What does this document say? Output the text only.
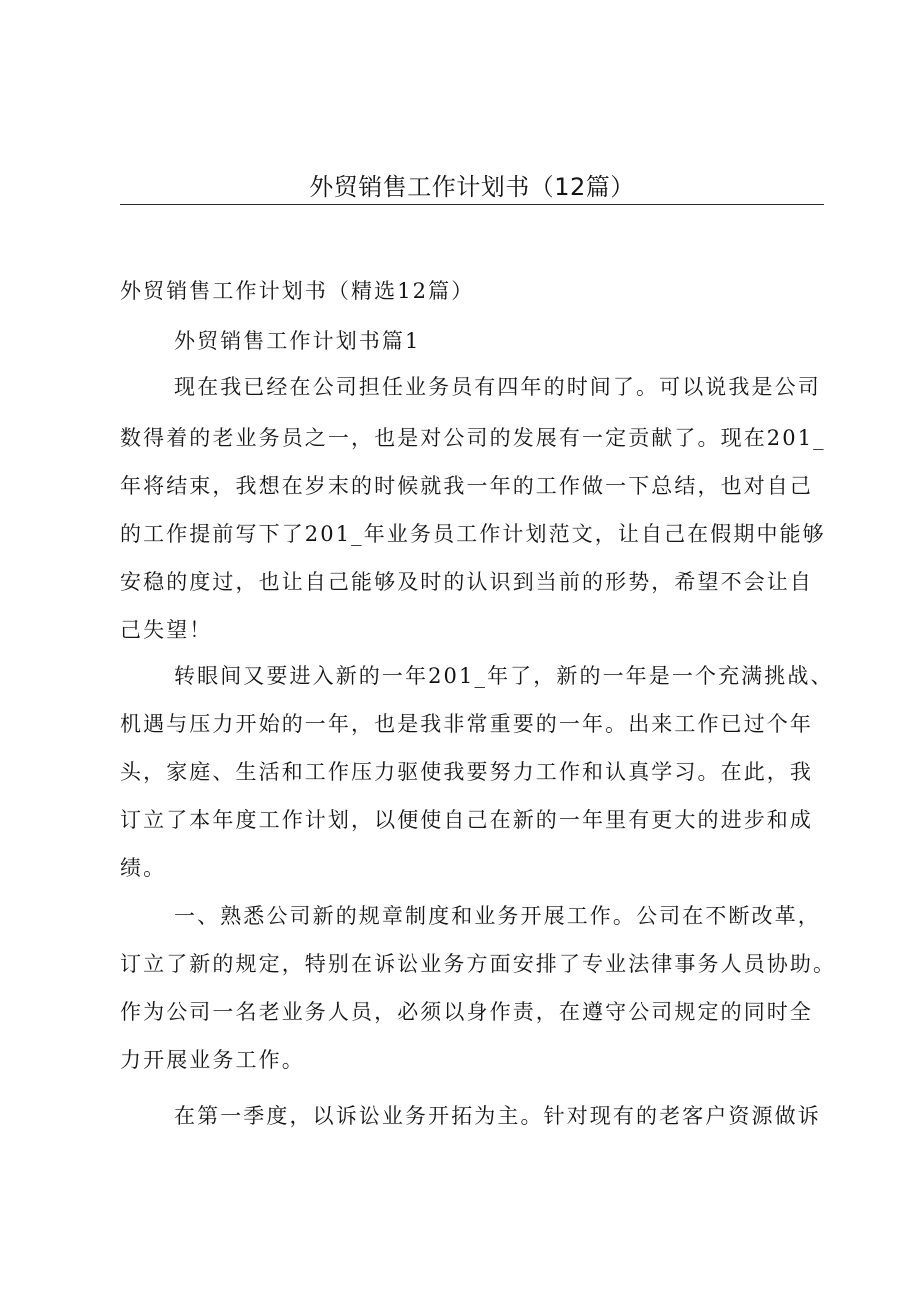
外贸销售工作计划书（12篇）

外贸销售工作计划书（精选12篇）

外贸销售工作计划书篇1

现在我已经在公司担任业务员有四年的时间了。可以说我是公司

数得着的老业务员之一，也是对公司的发展有一定贡献了。现在201_

年将结束，我想在岁末的时候就我一年的工作做一下总结，也对自己

的工作提前写下了201_年业务员工作计划范文，让自己在假期中能够

安稳的度过，也让自己能够及时的认识到当前的形势，希望不会让自

己失望！

转眼间又要进入新的一年201_年了，新的一年是一个充满挑战、

机遇与压力开始的一年，也是我非常重要的一年。出来工作已过个年

头，家庭、生活和工作压力驱使我要努力工作和认真学习。在此，我

订立了本年度工作计划，以便使自己在新的一年里有更大的进步和成

绩。

一、熟悉公司新的规章制度和业务开展工作。公司在不断改革，

订立了新的规定，特别在诉讼业务方面安排了专业法律事务人员协助。

作为公司一名老业务人员，必须以身作责，在遵守公司规定的同时全

力开展业务工作。

在第一季度，以诉讼业务开拓为主。针对现有的老客户资源做诉
